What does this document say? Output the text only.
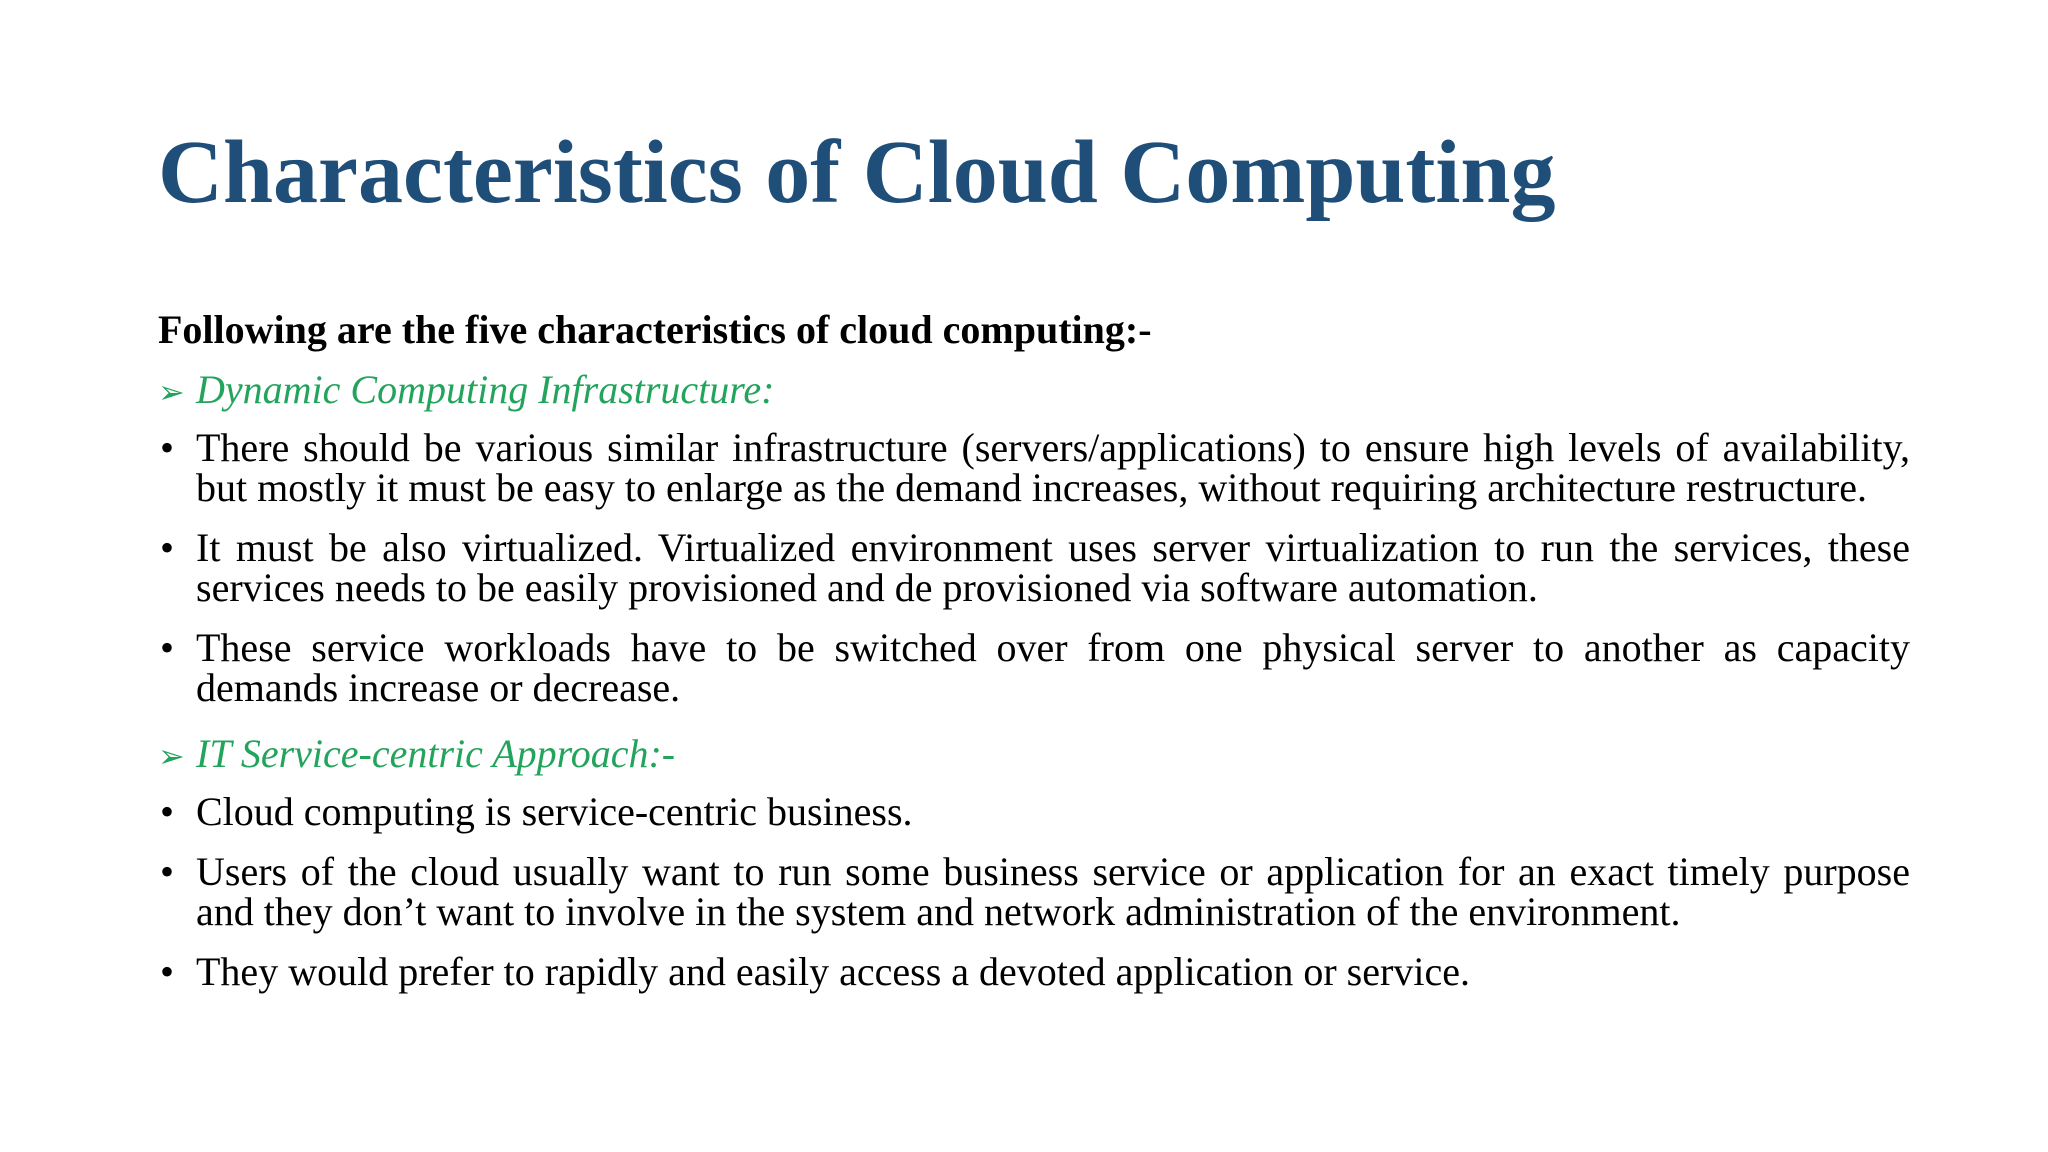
Characteristics of Cloud Computing

Following are the five characteristics of cloud computing:-

➢ Dynamic Computing Infrastructure:
• There should be various similar infrastructure (servers/applications) to ensure high levels of availability, but mostly it must be easy to enlarge as the demand increases, without requiring architecture restructure.
• It must be also virtualized. Virtualized environment uses server virtualization to run the services, these services needs to be easily provisioned and de provisioned via software automation.
• These service workloads have to be switched over from one physical server to another as capacity demands increase or decrease.
➢ IT Service-centric Approach:-
• Cloud computing is service-centric business.
• Users of the cloud usually want to run some business service or application for an exact timely purpose and they don’t want to involve in the system and network administration of the environment.
• They would prefer to rapidly and easily access a devoted application or service.
